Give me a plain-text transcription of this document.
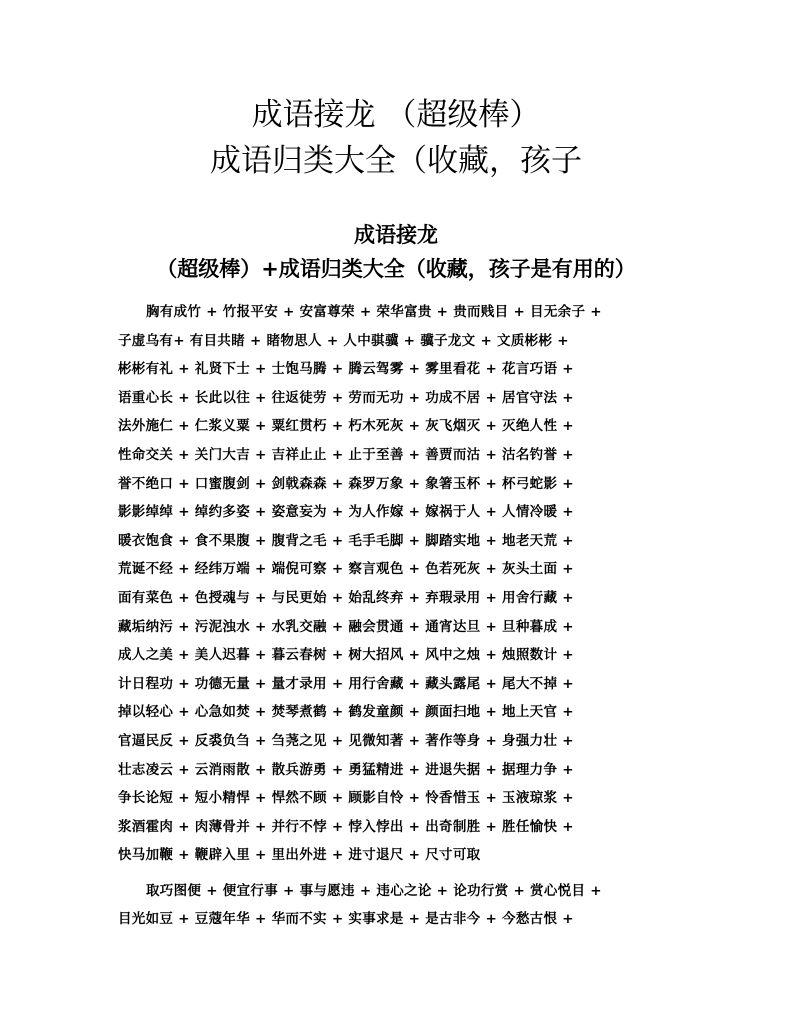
成语接龙 （超级棒）
成语归类大全（收藏，孩子
成语接龙
（超级棒）+成语归类大全（收藏，孩子是有用的）
胸有成竹 + 竹报平安 + 安富尊荣 + 荣华富贵 + 贵而贱目 + 目无余子 +
子虚乌有+ 有目共睹 + 睹物思人 + 人中骐骥 + 骥子龙文 + 文质彬彬 +
彬彬有礼 + 礼贤下士 + 士饱马腾 + 腾云驾雾 + 雾里看花 + 花言巧语 +
语重心长 + 长此以往 + 往返徒劳 + 劳而无功 + 功成不居 + 居官守法 +
法外施仁 + 仁浆义粟 + 粟红贯朽 + 朽木死灰 + 灰飞烟灭 + 灭绝人性 +
性命交关 + 关门大吉 + 吉祥止止 + 止于至善 + 善贾而沽 + 沽名钓誉 +
誉不绝口 + 口蜜腹剑 + 剑戟森森 + 森罗万象 + 象箸玉杯 + 杯弓蛇影 +
影影绰绰 + 绰约多姿 + 姿意妄为 + 为人作嫁 + 嫁祸于人 + 人情冷暖 +
暖衣饱食 + 食不果腹 + 腹背之毛 + 毛手毛脚 + 脚踏实地 + 地老天荒 +
荒诞不经 + 经纬万端 + 端倪可察 + 察言观色 + 色若死灰 + 灰头土面 +
面有菜色 + 色授魂与 + 与民更始 + 始乱终弃 + 弃瑕录用 + 用舍行藏 +
藏垢纳污 + 污泥浊水 + 水乳交融 + 融会贯通 + 通宵达旦 + 旦种暮成 +
成人之美 + 美人迟暮 + 暮云春树 + 树大招风 + 风中之烛 + 烛照数计 +
计日程功 + 功德无量 + 量才录用 + 用行舍藏 + 藏头露尾 + 尾大不掉 +
掉以轻心 + 心急如焚 + 焚琴煮鹤 + 鹤发童颜 + 颜面扫地 + 地上天官 +
官逼民反 + 反裘负刍 + 刍荛之见 + 见微知著 + 著作等身 + 身强力壮 +
壮志凌云 + 云消雨散 + 散兵游勇 + 勇猛精进 + 进退失据 + 据理力争 +
争长论短 + 短小精悍 + 悍然不顾 + 顾影自怜 + 怜香惜玉 + 玉液琼浆 +
浆酒霍肉 + 肉薄骨并 + 并行不悖 + 悖入悖出 + 出奇制胜 + 胜任愉快 +
快马加鞭 + 鞭辟入里 + 里出外进 + 进寸退尺 + 尺寸可取
取巧图便 + 便宜行事 + 事与愿违 + 违心之论 + 论功行赏 + 赏心悦目 +
目光如豆 + 豆蔻年华 + 华而不实 + 实事求是 + 是古非今 + 今愁古恨 +
